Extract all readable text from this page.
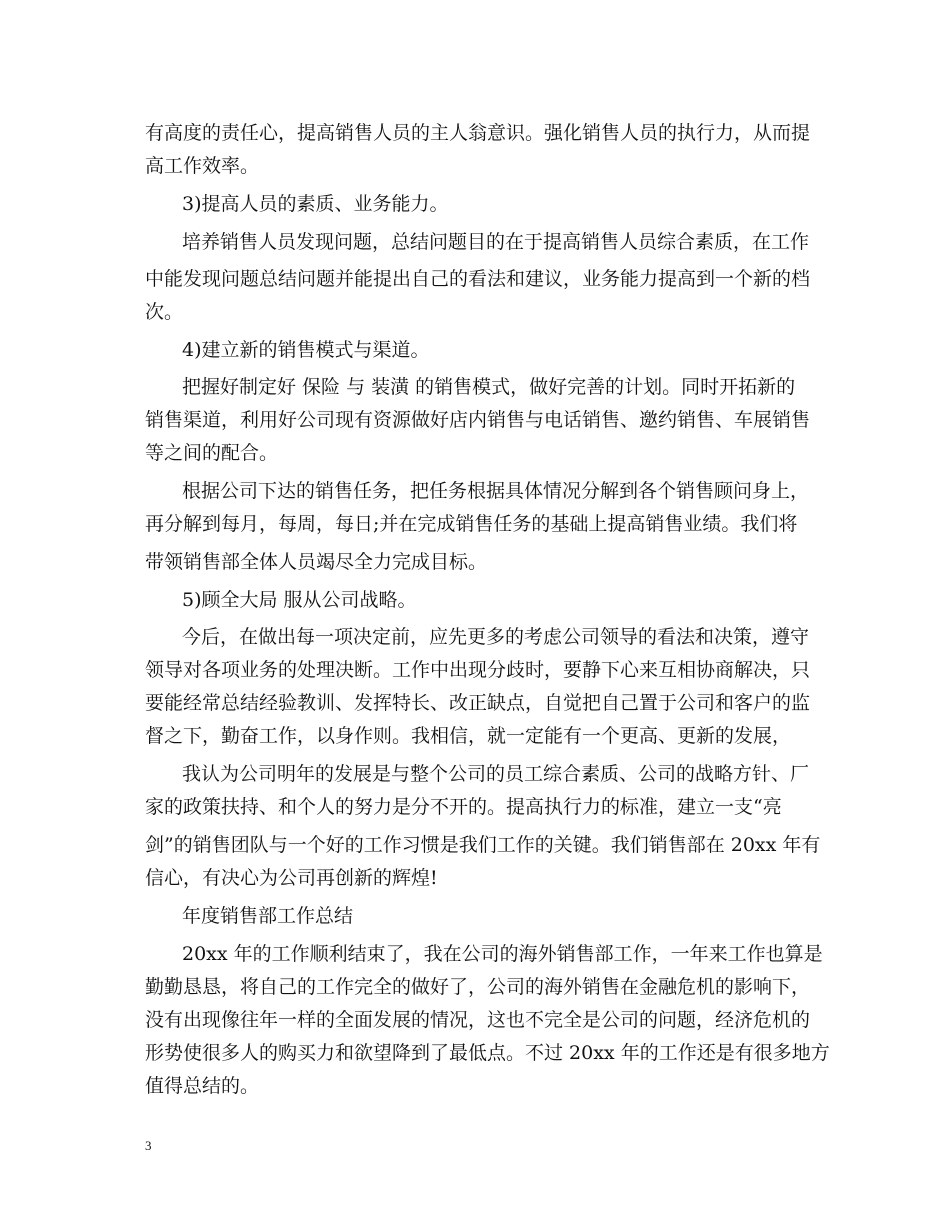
有高度的责任心，提高销售人员的主人翁意识。强化销售人员的执行力，从而提
高工作效率。
3)提高人员的素质、业务能力。
培养销售人员发现问题，总结问题目的在于提高销售人员综合素质，在工作
中能发现问题总结问题并能提出自己的看法和建议，业务能力提高到一个新的档
次。
4)建立新的销售模式与渠道。
把握好制定好 保险 与 装潢 的销售模式，做好完善的计划。同时开拓新的
销售渠道，利用好公司现有资源做好店内销售与电话销售、邀约销售、车展销售
等之间的配合。
根据公司下达的销售任务，把任务根据具体情况分解到各个销售顾问身上，
再分解到每月，每周，每日;并在完成销售任务的基础上提高销售业绩。我们将
带领销售部全体人员竭尽全力完成目标。
5)顾全大局 服从公司战略。
今后，在做出每一项决定前，应先更多的考虑公司领导的看法和决策，遵守
领导对各项业务的处理决断。工作中出现分歧时，要静下心来互相协商解决，只
要能经常总结经验教训、发挥特长、改正缺点，自觉把自己置于公司和客户的监
督之下，勤奋工作，以身作则。我相信，就一定能有一个更高、更新的发展，
我认为公司明年的发展是与整个公司的员工综合素质、公司的战略方针、厂
家的政策扶持、和个人的努力是分不开的。提高执行力的标准，建立一支“亮
剑”的销售团队与一个好的工作习惯是我们工作的关键。我们销售部在 20xx 年有
信心，有决心为公司再创新的辉煌!
年度销售部工作总结
20xx 年的工作顺利结束了，我在公司的海外销售部工作，一年来工作也算是
勤勤恳恳，将自己的工作完全的做好了，公司的海外销售在金融危机的影响下，
没有出现像往年一样的全面发展的情况，这也不完全是公司的问题，经济危机的
形势使很多人的购买力和欲望降到了最低点。不过 20xx 年的工作还是有很多地方
值得总结的。
3
